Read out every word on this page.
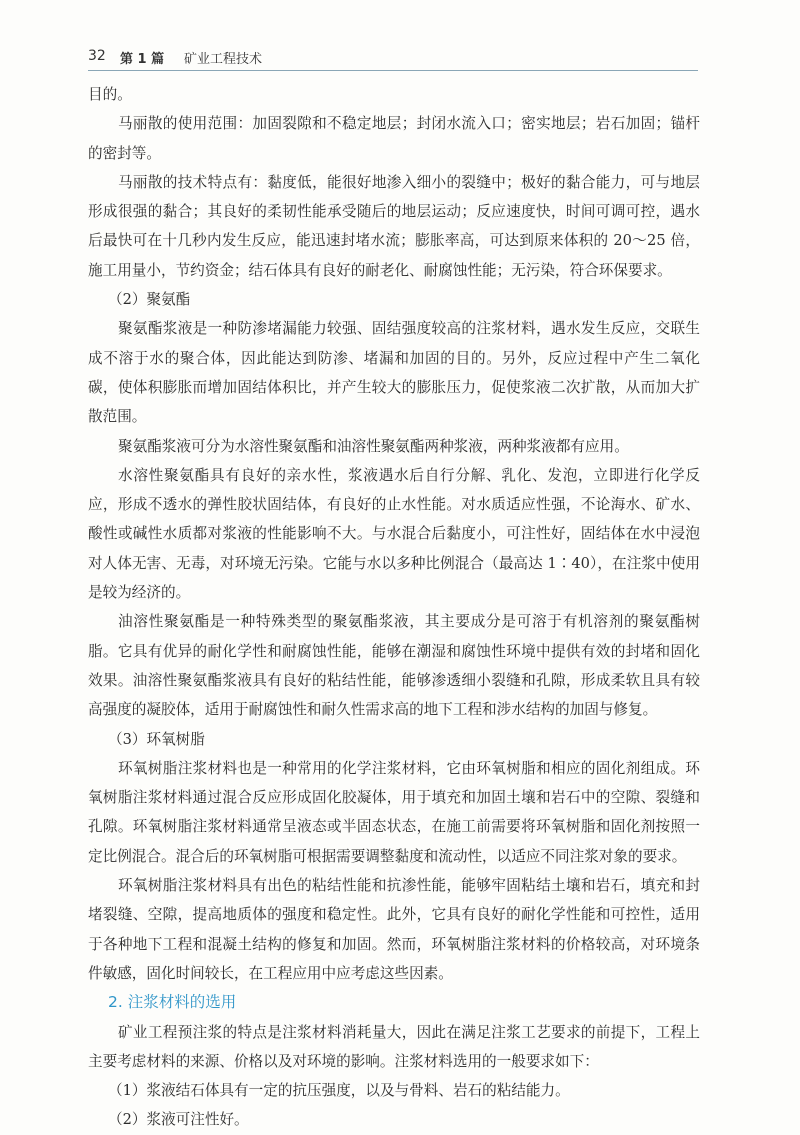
32 第 1 篇 矿业工程技术

目的。

马丽散的使用范围：加固裂隙和不稳定地层；封闭水流入口；密实地层；岩石加固；锚杆的密封等。

马丽散的技术特点有：黏度低，能很好地渗入细小的裂缝中；极好的黏合能力，可与地层形成很强的黏合；其良好的柔韧性能承受随后的地层运动；反应速度快，时间可调可控，遇水后最快可在十几秒内发生反应，能迅速封堵水流；膨胀率高，可达到原来体积的 20～25 倍，施工用量小，节约资金；结石体具有良好的耐老化、耐腐蚀性能；无污染，符合环保要求。

（2）聚氨酯

聚氨酯浆液是一种防渗堵漏能力较强、固结强度较高的注浆材料，遇水发生反应，交联生成不溶于水的聚合体，因此能达到防渗、堵漏和加固的目的。另外，反应过程中产生二氧化碳，使体积膨胀而增加固结体积比，并产生较大的膨胀压力，促使浆液二次扩散，从而加大扩散范围。

聚氨酯浆液可分为水溶性聚氨酯和油溶性聚氨酯两种浆液，两种浆液都有应用。

水溶性聚氨酯具有良好的亲水性，浆液遇水后自行分解、乳化、发泡，立即进行化学反应，形成不透水的弹性胶状固结体，有良好的止水性能。对水质适应性强，不论海水、矿水、酸性或碱性水质都对浆液的性能影响不大。与水混合后黏度小，可注性好，固结体在水中浸泡对人体无害、无毒，对环境无污染。它能与水以多种比例混合（最高达 1∶40），在注浆中使用是较为经济的。

油溶性聚氨酯是一种特殊类型的聚氨酯浆液，其主要成分是可溶于有机溶剂的聚氨酯树脂。它具有优异的耐化学性和耐腐蚀性能，能够在潮湿和腐蚀性环境中提供有效的封堵和固化效果。油溶性聚氨酯浆液具有良好的粘结性能，能够渗透细小裂缝和孔隙，形成柔软且具有较高强度的凝胶体，适用于耐腐蚀性和耐久性需求高的地下工程和涉水结构的加固与修复。

（3）环氧树脂

环氧树脂注浆材料也是一种常用的化学注浆材料，它由环氧树脂和相应的固化剂组成。环氧树脂注浆材料通过混合反应形成固化胶凝体，用于填充和加固土壤和岩石中的空隙、裂缝和孔隙。环氧树脂注浆材料通常呈液态或半固态状态，在施工前需要将环氧树脂和固化剂按照一定比例混合。混合后的环氧树脂可根据需要调整黏度和流动性，以适应不同注浆对象的要求。

环氧树脂注浆材料具有出色的粘结性能和抗渗性能，能够牢固粘结土壤和岩石，填充和封堵裂缝、空隙，提高地质体的强度和稳定性。此外，它具有良好的耐化学性能和可控性，适用于各种地下工程和混凝土结构的修复和加固。然而，环氧树脂注浆材料的价格较高，对环境条件敏感，固化时间较长，在工程应用中应考虑这些因素。

2. 注浆材料的选用

矿业工程预注浆的特点是注浆材料消耗量大，因此在满足注浆工艺要求的前提下，工程上主要考虑材料的来源、价格以及对环境的影响。注浆材料选用的一般要求如下：

（1）浆液结石体具有一定的抗压强度，以及与骨料、岩石的粘结能力。

（2）浆液可注性好。
